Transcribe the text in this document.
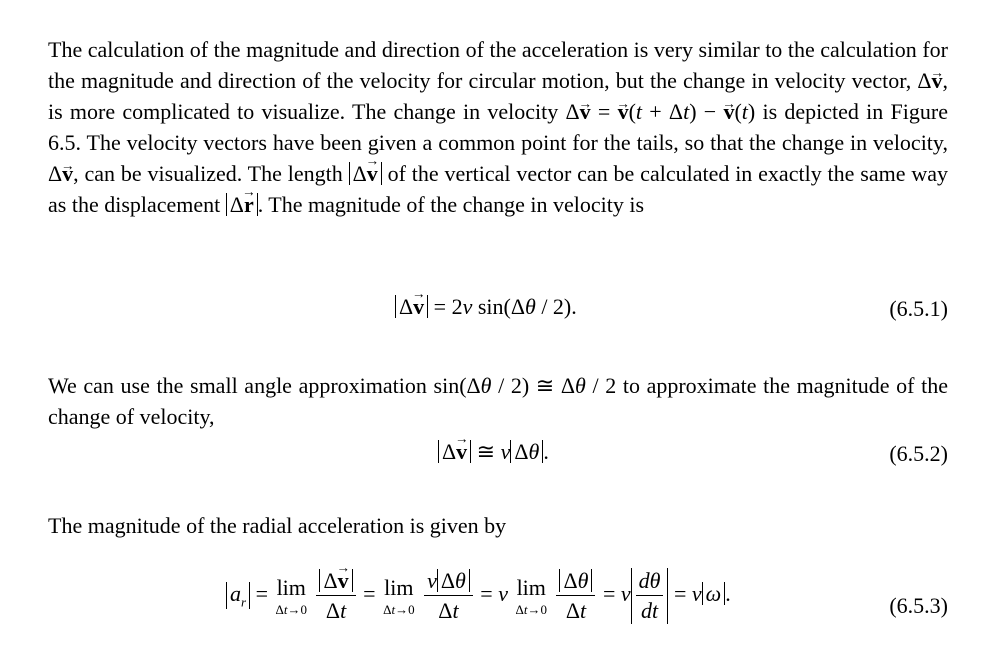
The calculation of the magnitude and direction of the acceleration is very similar to the calculation for the magnitude and direction of the velocity for circular motion, but the change in velocity vector, Δv →, is more complicated to visualize. The change in velocity Δv → = v →(t + Δt) − v →(t) is depicted in Figure 6.5. The velocity vectors have been given a common point for the tails, so that the change in velocity, Δv →, can be visualized. The length Δv → of the vertical vector can be calculated in exactly the same way as the displacement Δr → . The magnitude of the change in velocity is
Δv → = 2v sin(Δθ / 2).	(6.5.1)
We can use the small angle approximation sin(Δθ / 2) ≅ Δθ / 2 to approximate the magnitude of the change of velocity,
Δv → ≅ v Δθ .	(6.5.2)
The magnitude of the radial acceleration is given by
$a_r = \lim$
Δt→0
$\frac{\Delta v \to}{\Delta t} = \lim$
Δt→0
$\frac{\text{v Δθ}}{\Delta t} = v$ lim
Δt→0
$\frac{\Delta\theta}{\Delta t} = v \frac{d\theta}{dt} = v$ ω .	(6.5.3)
